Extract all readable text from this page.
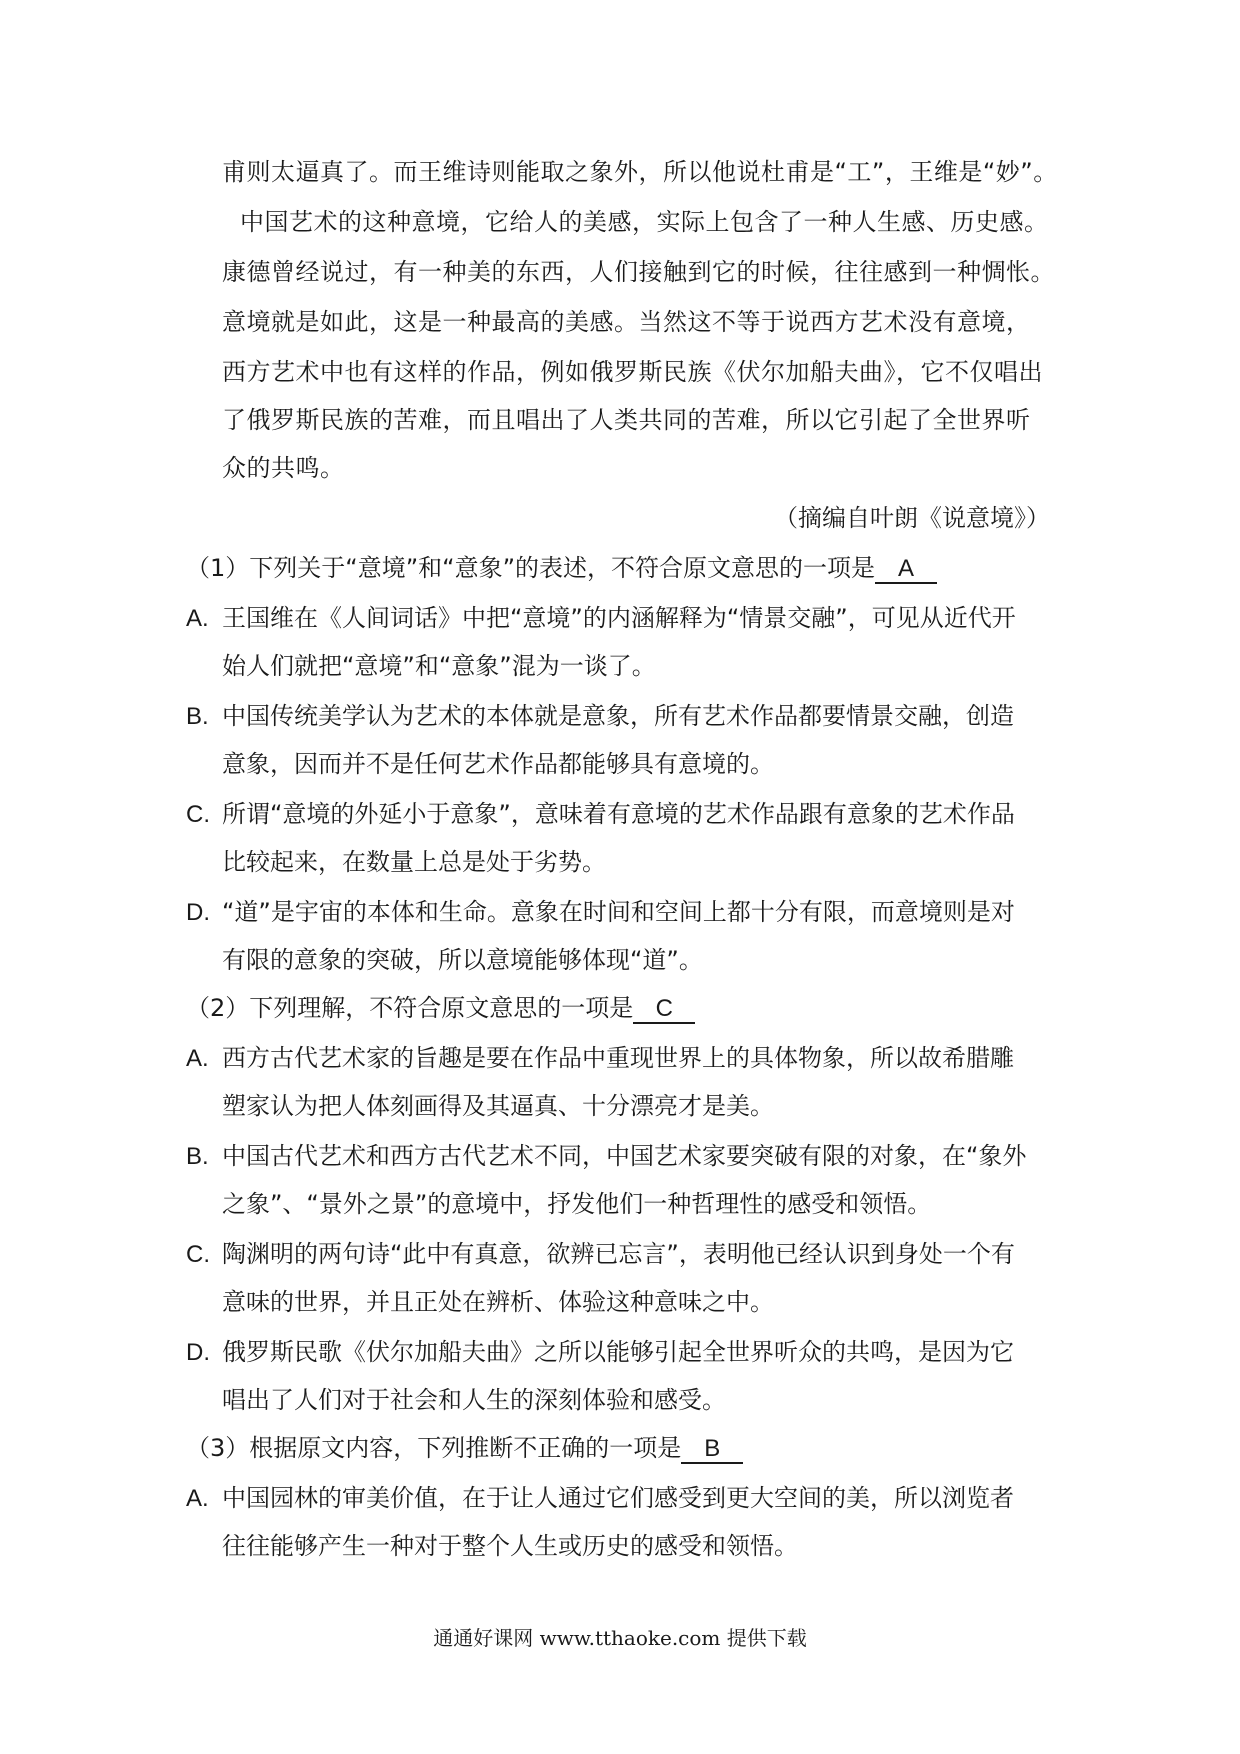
甫则太逼真了。而王维诗则能取之象外，所以他说杜甫是“工”，王维是“妙”。
中国艺术的这种意境，它给人的美感，实际上包含了一种人生感、历史感。
康德曾经说过，有一种美的东西，人们接触到它的时候，往往感到一种惆怅。
意境就是如此，这是一种最高的美感。当然这不等于说西方艺术没有意境，
西方艺术中也有这样的作品，例如俄罗斯民族《伏尔加船夫曲》，它不仅唱出
了俄罗斯民族的苦难，而且唱出了人类共同的苦难，所以它引起了全世界听
众的共鸣。
（摘编自叶朗《说意境》）
（1）下列关于“意境”和“意象”的表述，不符合原文意思的一项是 A
A. 王国维在《人间词话》中把“意境”的内涵解释为“情景交融”，可见从近代开
始人们就把“意境”和“意象”混为一谈了。
B. 中国传统美学认为艺术的本体就是意象，所有艺术作品都要情景交融，创造
意象，因而并不是任何艺术作品都能够具有意境的。
C. 所谓“意境的外延小于意象”，意味着有意境的艺术作品跟有意象的艺术作品
比较起来，在数量上总是处于劣势。
D. “道”是宇宙的本体和生命。意象在时间和空间上都十分有限，而意境则是对
有限的意象的突破，所以意境能够体现“道”。
（2）下列理解，不符合原文意思的一项是 C
A. 西方古代艺术家的旨趣是要在作品中重现世界上的具体物象，所以故希腊雕
塑家认为把人体刻画得及其逼真、十分漂亮才是美。
B. 中国古代艺术和西方古代艺术不同，中国艺术家要突破有限的对象，在“象外
之象”、“景外之景”的意境中，抒发他们一种哲理性的感受和领悟。
C. 陶渊明的两句诗“此中有真意，欲辨已忘言”，表明他已经认识到身处一个有
意味的世界，并且正处在辨析、体验这种意味之中。
D. 俄罗斯民歌《伏尔加船夫曲》之所以能够引起全世界听众的共鸣，是因为它
唱出了人们对于社会和人生的深刻体验和感受。
（3）根据原文内容，下列推断不正确的一项是 B
A. 中国园林的审美价值，在于让人通过它们感受到更大空间的美，所以浏览者
往往能够产生一种对于整个人生或历史的感受和领悟。
通通好课网 www.tthaoke.com 提供下载
